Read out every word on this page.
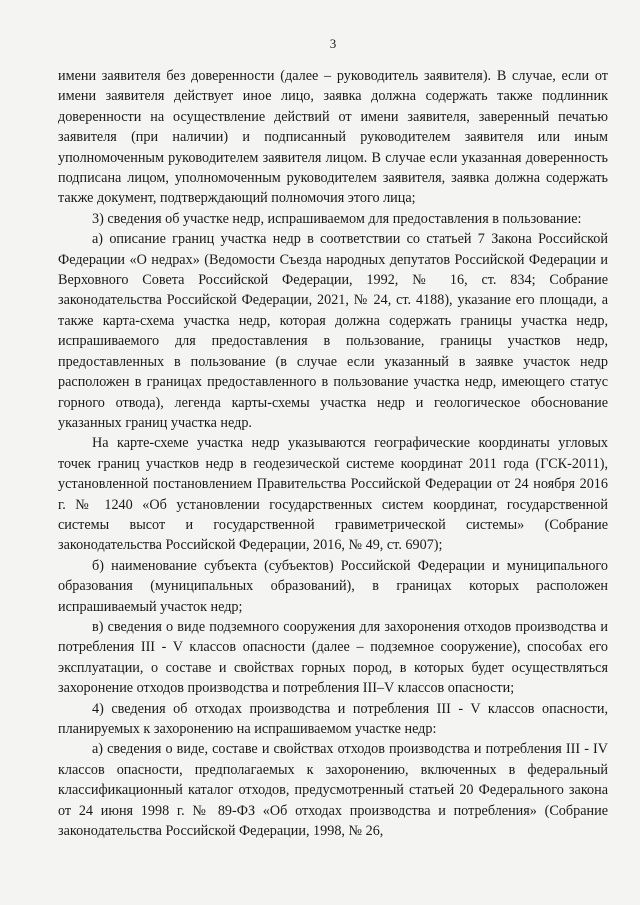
3

имени заявителя без доверенности (далее – руководитель заявителя). В случае, если от имени заявителя действует иное лицо, заявка должна содержать также подлинник доверенности на осуществление действий от имени заявителя, заверенный печатью заявителя (при наличии) и подписанный руководителем заявителя или иным уполномоченным руководителем заявителя лицом. В случае если указанная доверенность подписана лицом, уполномоченным руководителем заявителя, заявка должна содержать также документ, подтверждающий полномочия этого лица;

3) сведения об участке недр, испрашиваемом для предоставления в пользование:

а) описание границ участка недр в соответствии со статьей 7 Закона Российской Федерации «О недрах» (Ведомости Съезда народных депутатов Российской Федерации и Верховного Совета Российской Федерации, 1992, № 16, ст. 834; Собрание законодательства Российской Федерации, 2021, № 24, ст. 4188), указание его площади, а также карта-схема участка недр, которая должна содержать границы участка недр, испрашиваемого для предоставления в пользование, границы участков недр, предоставленных в пользование (в случае если указанный в заявке участок недр расположен в границах предоставленного в пользование участка недр, имеющего статус горного отвода), легенда карты-схемы участка недр и геологическое обоснование указанных границ участка недр.

На карте-схеме участка недр указываются географические координаты угловых точек границ участков недр в геодезической системе координат 2011 года (ГСК-2011), установленной постановлением Правительства Российской Федерации от 24 ноября 2016 г. № 1240 «Об установлении государственных систем координат, государственной системы высот и государственной гравиметрической системы» (Собрание законодательства Российской Федерации, 2016, № 49, ст. 6907);

б) наименование субъекта (субъектов) Российской Федерации и муниципального образования (муниципальных образований), в границах которых расположен испрашиваемый участок недр;

в) сведения о виде подземного сооружения для захоронения отходов производства и потребления III - V классов опасности (далее – подземное сооружение), способах его эксплуатации, о составе и свойствах горных пород, в которых будет осуществляться захоронение отходов производства и потребления III–V классов опасности;

4) сведения об отходах производства и потребления III - V классов опасности, планируемых к захоронению на испрашиваемом участке недр:

а) сведения о виде, составе и свойствах отходов производства и потребления III - IV классов опасности, предполагаемых к захоронению, включенных в федеральный классификационный каталог отходов, предусмотренный статьей 20 Федерального закона от 24 июня 1998 г. № 89-ФЗ «Об отходах производства и потребления» (Собрание законодательства Российской Федерации, 1998, № 26,
